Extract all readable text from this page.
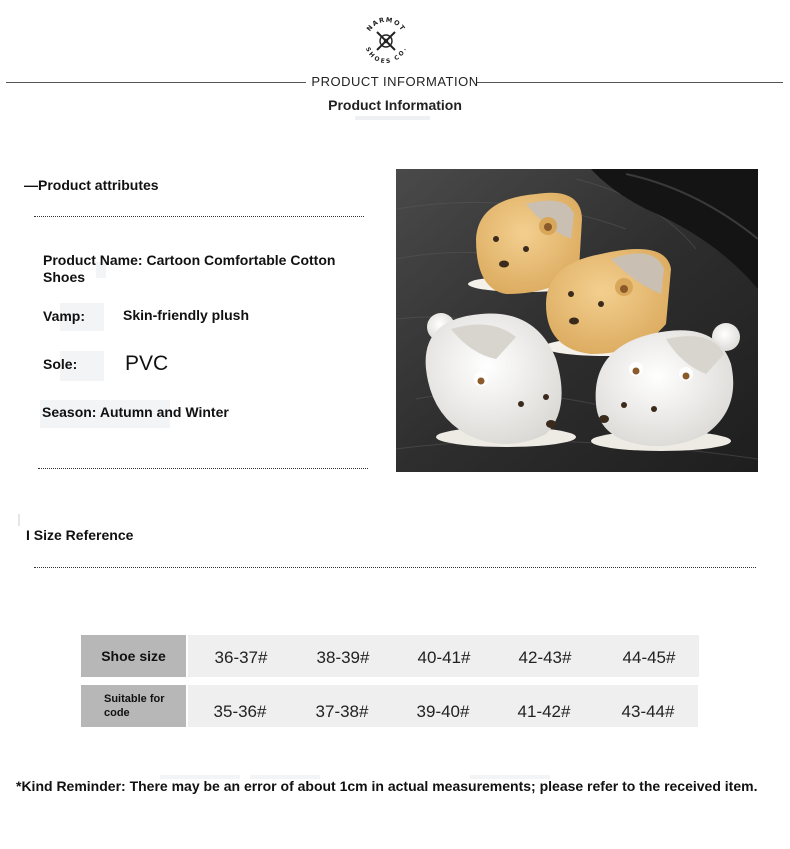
NARMOT
SHOES CO.
PRODUCT INFORMATION
Product Information
—Product attributes
Product Name: Cartoon Comfortable Cotton Shoes
Vamp:	Skin-friendly plush
Sole: PVC
Season: Autumn and Winter
I Size Reference
Shoe size	36-37#	38-39#	40-41#	42-43#	44-45#
Suitable for code	35-36#	37-38#	39-40#	41-42#	43-44#
*Kind Reminder: There may be an error of about 1cm in actual measurements; please refer to the received item.
